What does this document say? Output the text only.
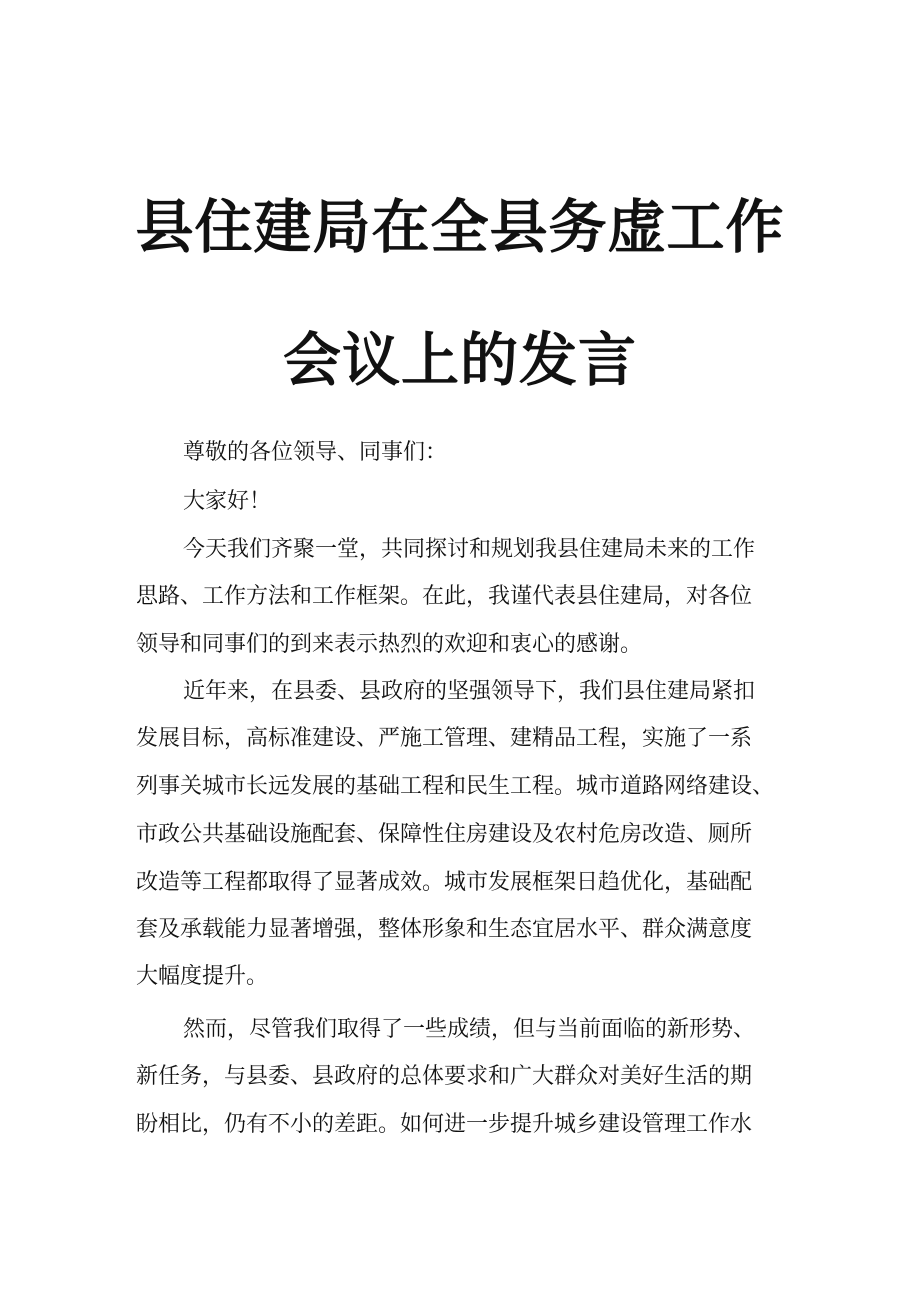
县住建局在全县务虚工作
会议上的发言
尊敬的各位领导、同事们：
大家好！
今天我们齐聚一堂，共同探讨和规划我县住建局未来的工作
思路、工作方法和工作框架。在此，我谨代表县住建局，对各位
领导和同事们的到来表示热烈的欢迎和衷心的感谢。
近年来，在县委、县政府的坚强领导下，我们县住建局紧扣
发展目标，高标准建设、严施工管理、建精品工程，实施了一系
列事关城市长远发展的基础工程和民生工程。城市道路网络建设、
市政公共基础设施配套、保障性住房建设及农村危房改造、厕所
改造等工程都取得了显著成效。城市发展框架日趋优化，基础配
套及承载能力显著增强，整体形象和生态宜居水平、群众满意度
大幅度提升。
然而，尽管我们取得了一些成绩，但与当前面临的新形势、
新任务，与县委、县政府的总体要求和广大群众对美好生活的期
盼相比，仍有不小的差距。如何进一步提升城乡建设管理工作水
